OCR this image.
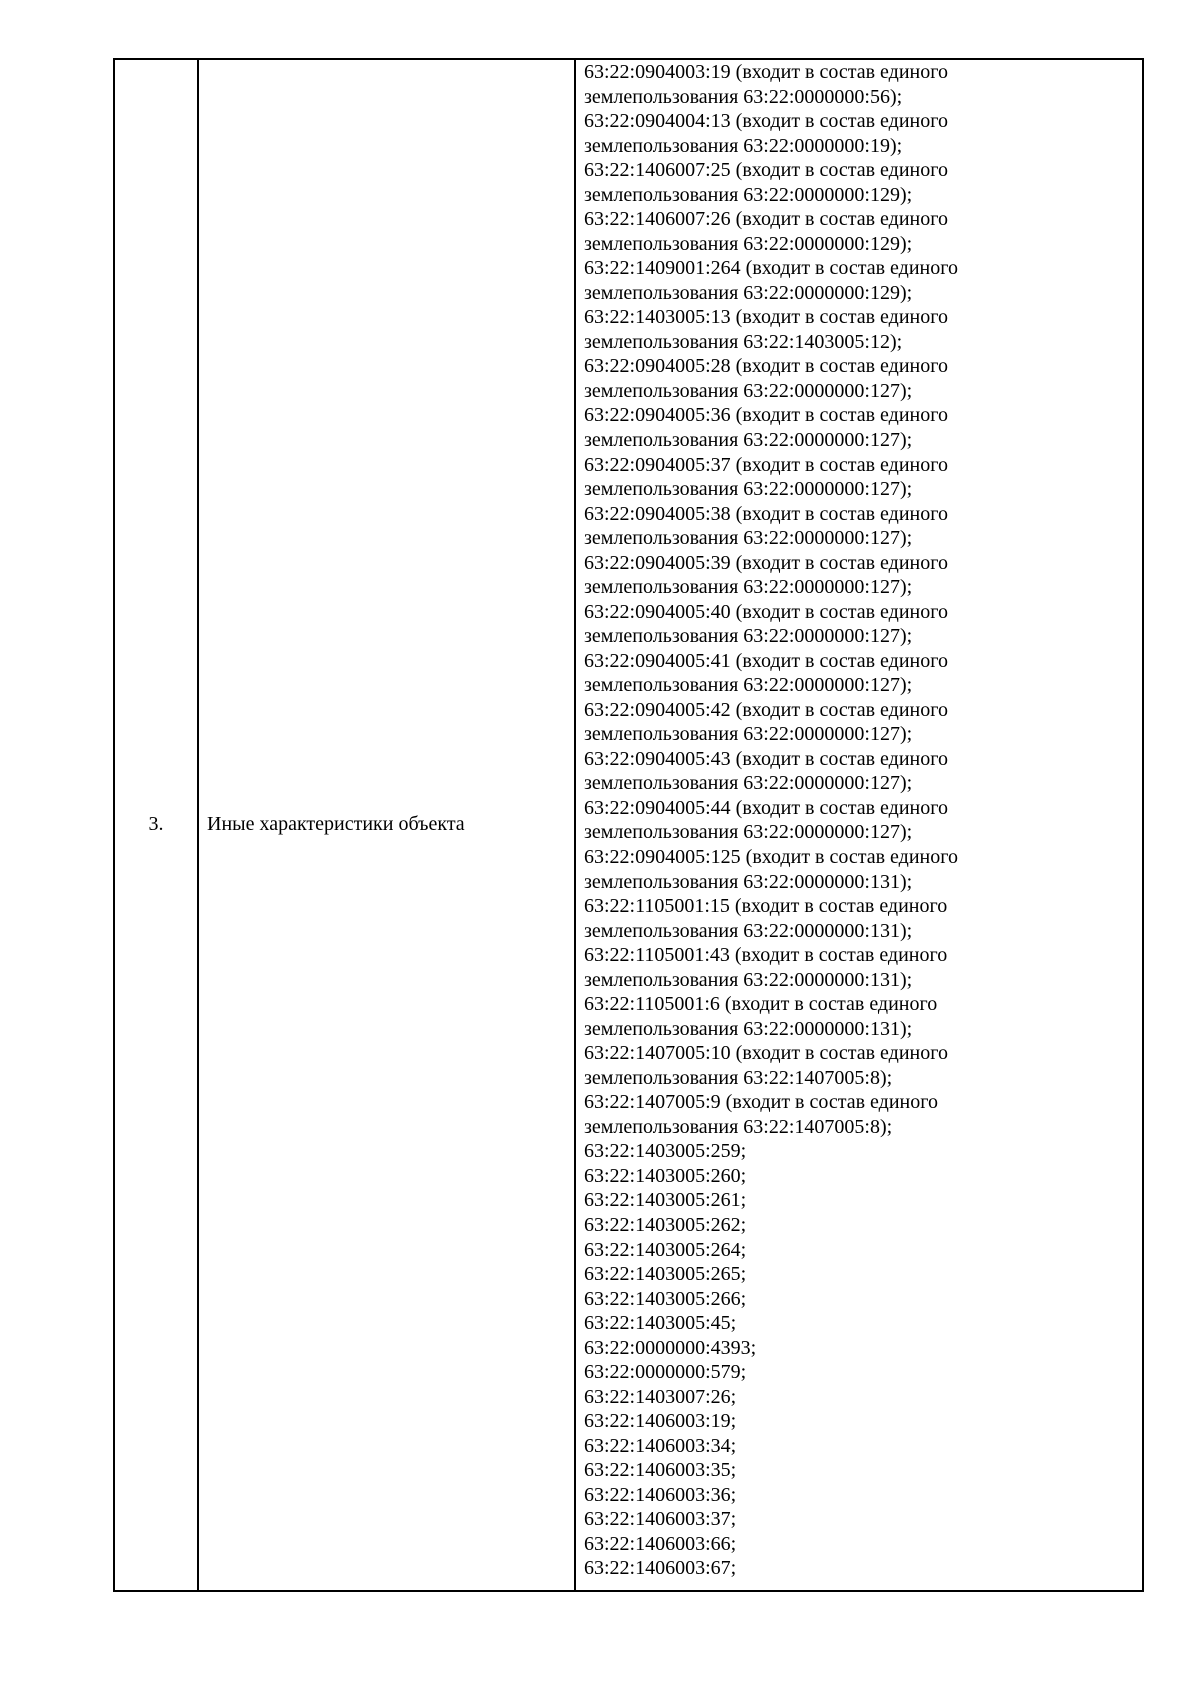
3.	Иные характеристики объекта
63:22:0904003:19 (входит в состав единого
землепользования 63:22:0000000:56);
63:22:0904004:13 (входит в состав единого
землепользования 63:22:0000000:19);
63:22:1406007:25 (входит в состав единого
землепользования 63:22:0000000:129);
63:22:1406007:26 (входит в состав единого
землепользования 63:22:0000000:129);
63:22:1409001:264 (входит в состав единого
землепользования 63:22:0000000:129);
63:22:1403005:13 (входит в состав единого
землепользования 63:22:1403005:12);
63:22:0904005:28 (входит в состав единого
землепользования 63:22:0000000:127);
63:22:0904005:36 (входит в состав единого
землепользования 63:22:0000000:127);
63:22:0904005:37 (входит в состав единого
землепользования 63:22:0000000:127);
63:22:0904005:38 (входит в состав единого
землепользования 63:22:0000000:127);
63:22:0904005:39 (входит в состав единого
землепользования 63:22:0000000:127);
63:22:0904005:40 (входит в состав единого
землепользования 63:22:0000000:127);
63:22:0904005:41 (входит в состав единого
землепользования 63:22:0000000:127);
63:22:0904005:42 (входит в состав единого
землепользования 63:22:0000000:127);
63:22:0904005:43 (входит в состав единого
землепользования 63:22:0000000:127);
63:22:0904005:44 (входит в состав единого
землепользования 63:22:0000000:127);
63:22:0904005:125 (входит в состав единого
землепользования 63:22:0000000:131);
63:22:1105001:15 (входит в состав единого
землепользования 63:22:0000000:131);
63:22:1105001:43 (входит в состав единого
землепользования 63:22:0000000:131);
63:22:1105001:6 (входит в состав единого
землепользования 63:22:0000000:131);
63:22:1407005:10 (входит в состав единого
землепользования 63:22:1407005:8);
63:22:1407005:9 (входит в состав единого
землепользования 63:22:1407005:8);
63:22:1403005:259;
63:22:1403005:260;
63:22:1403005:261;
63:22:1403005:262;
63:22:1403005:264;
63:22:1403005:265;
63:22:1403005:266;
63:22:1403005:45;
63:22:0000000:4393;
63:22:0000000:579;
63:22:1403007:26;
63:22:1406003:19;
63:22:1406003:34;
63:22:1406003:35;
63:22:1406003:36;
63:22:1406003:37;
63:22:1406003:66;
63:22:1406003:67;
